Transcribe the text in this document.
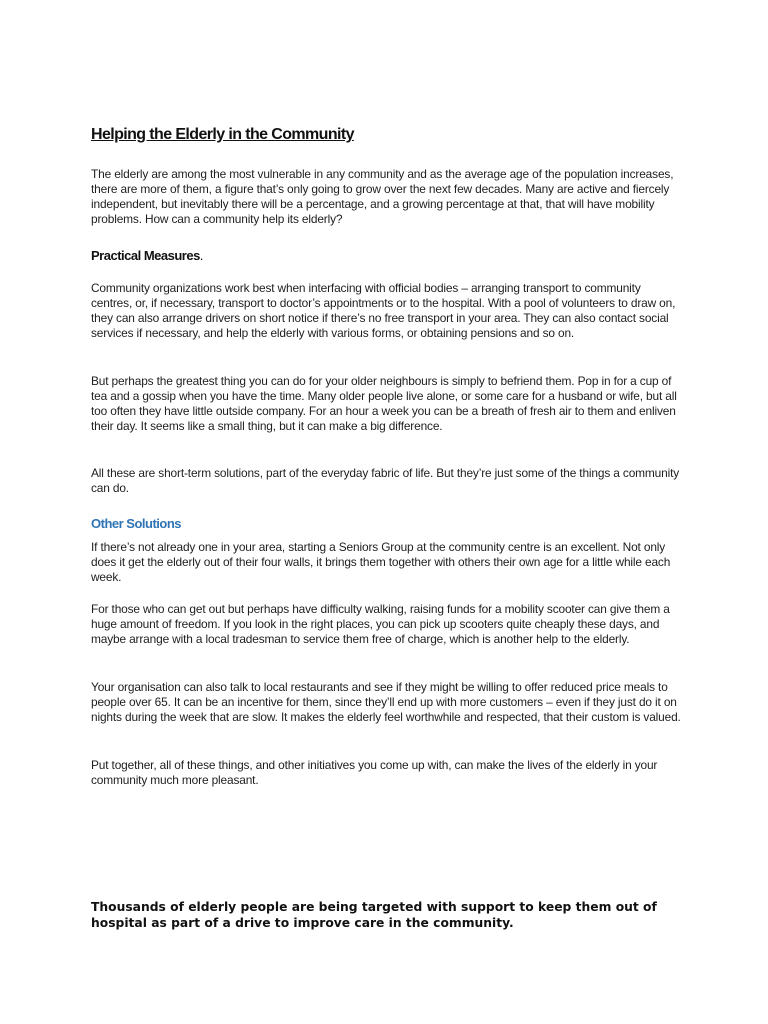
Helping the Elderly in the Community

The elderly are among the most vulnerable in any community and as the average age of the population increases, there are more of them, a figure that’s only going to grow over the next few decades. Many are active and fiercely independent, but inevitably there will be a percentage, and a growing percentage at that, that will have mobility problems. How can a community help its elderly?

Practical Measures.

Community organizations work best when interfacing with official bodies – arranging transport to community centres, or, if necessary, transport to doctor’s appointments or to the hospital. With a pool of volunteers to draw on, they can also arrange drivers on short notice if there’s no free transport in your area. They can also contact social services if necessary, and help the elderly with various forms, or obtaining pensions and so on.

But perhaps the greatest thing you can do for your older neighbours is simply to befriend them. Pop in for a cup of tea and a gossip when you have the time. Many older people live alone, or some care for a husband or wife, but all too often they have little outside company. For an hour a week you can be a breath of fresh air to them and enliven their day. It seems like a small thing, but it can make a big difference.

All these are short-term solutions, part of the everyday fabric of life. But they’re just some of the things a community can do.

Other Solutions

If there’s not already one in your area, starting a Seniors Group at the community centre is an excellent. Not only does it get the elderly out of their four walls, it brings them together with others their own age for a little while each week.

For those who can get out but perhaps have difficulty walking, raising funds for a mobility scooter can give them a huge amount of freedom. If you look in the right places, you can pick up scooters quite cheaply these days, and maybe arrange with a local tradesman to service them free of charge, which is another help to the elderly.

Your organisation can also talk to local restaurants and see if they might be willing to offer reduced price meals to people over 65. It can be an incentive for them, since they’ll end up with more customers – even if they just do it on nights during the week that are slow. It makes the elderly feel worthwhile and respected, that their custom is valued.

Put together, all of these things, and other initiatives you come up with, can make the lives of the elderly in your community much more pleasant.

Thousands of elderly people are being targeted with support to keep them out of hospital as part of a drive to improve care in the community.
